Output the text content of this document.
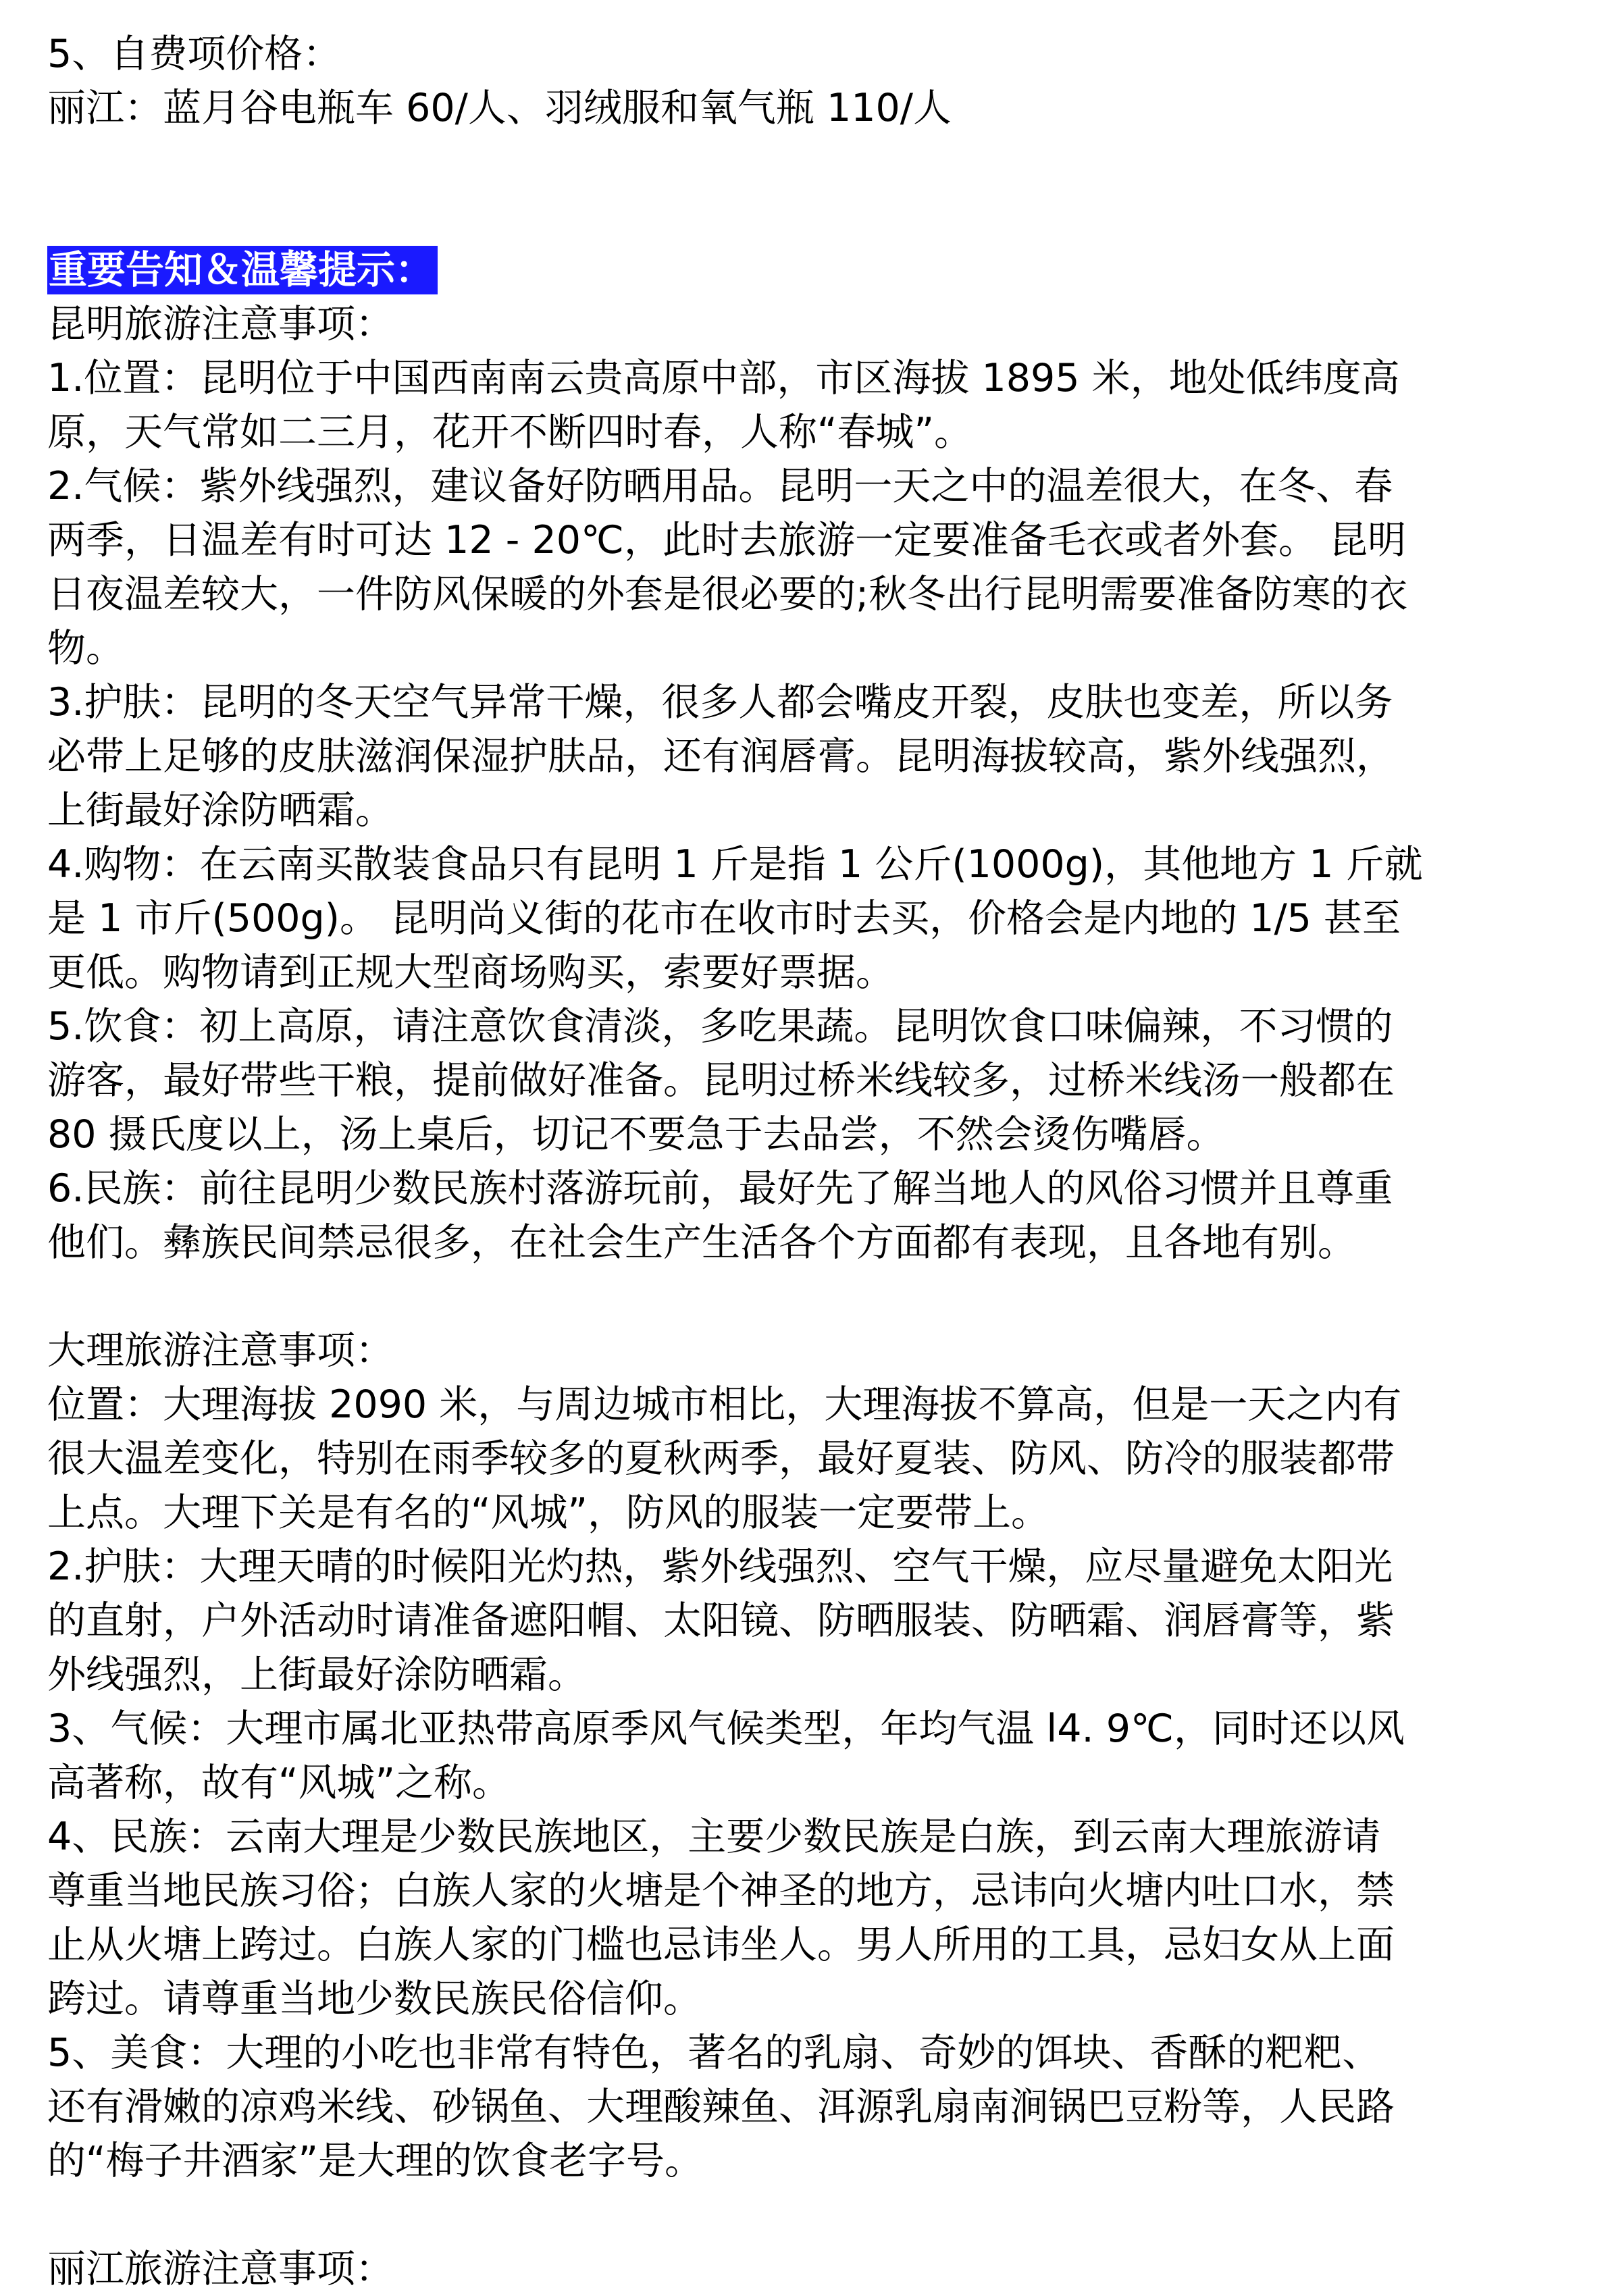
5、自费项价格：
丽江：蓝月谷电瓶车 60/人、羽绒服和氧气瓶 110/人
重要告知＆温馨提示：
昆明旅游注意事项：
1.位置：昆明位于中国西南南云贵高原中部，市区海拔 1895 米，地处低纬度高
原，天气常如二三月，花开不断四时春，人称“春城”。
2.气候：紫外线强烈，建议备好防晒用品。昆明一天之中的温差很大，在冬、春
两季，日温差有时可达 12 - 20℃，此时去旅游一定要准备毛衣或者外套。 昆明
日夜温差较大，一件防风保暖的外套是很必要的;秋冬出行昆明需要准备防寒的衣
物。
3.护肤：昆明的冬天空气异常干燥，很多人都会嘴皮开裂，皮肤也变差，所以务
必带上足够的皮肤滋润保湿护肤品，还有润唇膏。昆明海拔较高，紫外线强烈，
上街最好涂防晒霜。
4.购物：在云南买散装食品只有昆明 1 斤是指 1 公斤(1000g)，其他地方 1 斤就
是 1 市斤(500g)。 昆明尚义街的花市在收市时去买，价格会是内地的 1/5 甚至
更低。购物请到正规大型商场购买，索要好票据。
5.饮食：初上高原，请注意饮食清淡，多吃果蔬。昆明饮食口味偏辣，不习惯的
游客，最好带些干粮，提前做好准备。昆明过桥米线较多，过桥米线汤一般都在
80 摄氏度以上，汤上桌后，切记不要急于去品尝，不然会烫伤嘴唇。
6.民族：前往昆明少数民族村落游玩前，最好先了解当地人的风俗习惯并且尊重
他们。彝族民间禁忌很多，在社会生产生活各个方面都有表现，且各地有别。
大理旅游注意事项：
位置：大理海拔 2090 米，与周边城市相比，大理海拔不算高，但是一天之内有
很大温差变化，特别在雨季较多的夏秋两季，最好夏装、防风、防冷的服装都带
上点。大理下关是有名的“风城”，防风的服装一定要带上。
2.护肤：大理天晴的时候阳光灼热，紫外线强烈、空气干燥，应尽量避免太阳光
的直射，户外活动时请准备遮阳帽、太阳镜、防晒服装、防晒霜、润唇膏等，紫
外线强烈，上街最好涂防晒霜。
3、气候：大理市属北亚热带高原季风气候类型，年均气温 l4. 9℃，同时还以风
高著称，故有“风城”之称。
4、民族：云南大理是少数民族地区，主要少数民族是白族，到云南大理旅游请
尊重当地民族习俗；白族人家的火塘是个神圣的地方，忌讳向火塘内吐口水，禁
止从火塘上跨过。白族人家的门槛也忌讳坐人。男人所用的工具，忌妇女从上面
跨过。请尊重当地少数民族民俗信仰。
5、美食：大理的小吃也非常有特色，著名的乳扇、奇妙的饵块、香酥的粑粑、
还有滑嫩的凉鸡米线、砂锅鱼、大理酸辣鱼、洱源乳扇南涧锅巴豆粉等，人民路
的“梅子井酒家”是大理的饮食老字号。
丽江旅游注意事项：
